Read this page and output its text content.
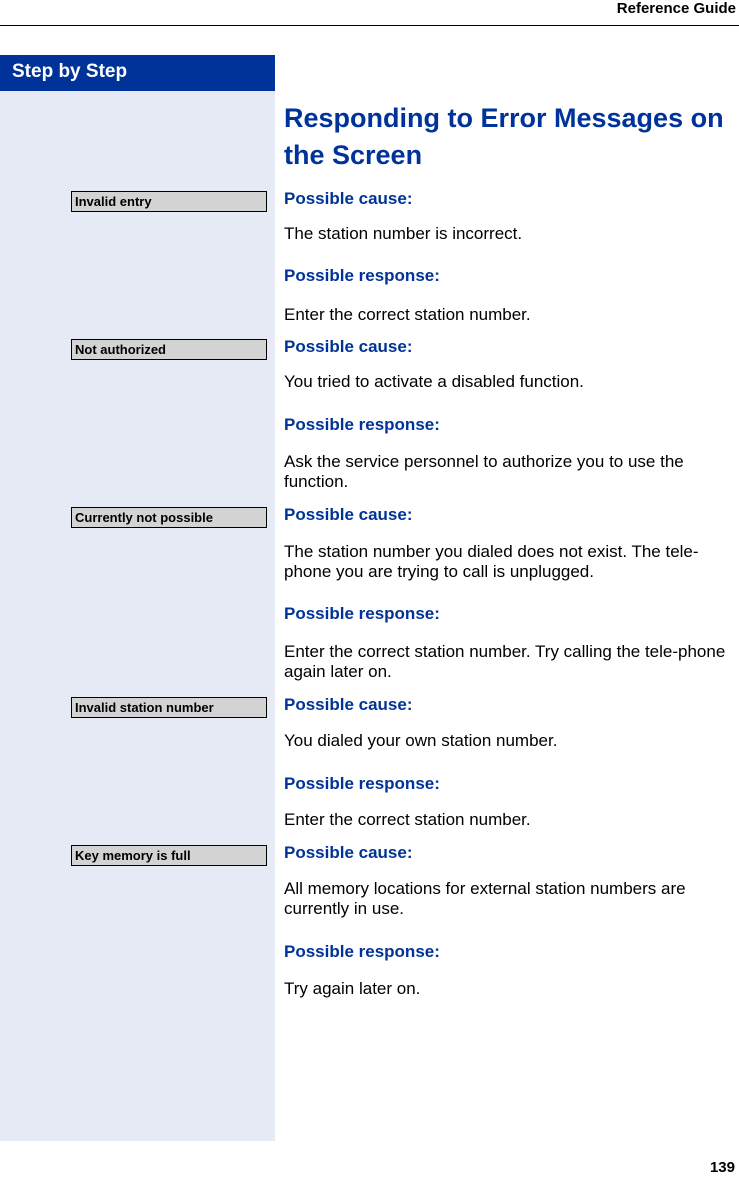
Reference Guide
Step by Step
Responding to Error Messages on the Screen
Invalid entry	Possible cause:
The station number is incorrect.
Possible response:
Enter the correct station number.
Not authorized	Possible cause:
You tried to activate a disabled function.
Possible response:
Ask the service personnel to authorize you to use the function.
Currently not possible	Possible cause:
The station number you dialed does not exist. The tele-phone you are trying to call is unplugged.
Possible response:
Enter the correct station number. Try calling the tele-phone again later on.
Invalid station number	Possible cause:
You dialed your own station number.
Possible response:
Enter the correct station number.
Key memory is full	Possible cause:
All memory locations for external station numbers are currently in use.
Possible response:
Try again later on.
139
